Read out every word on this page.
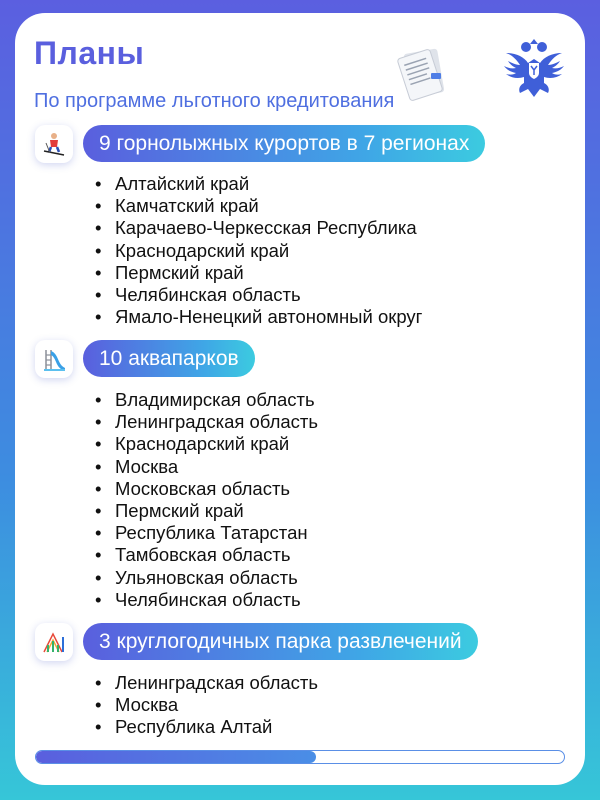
Планы
По программе льготного кредитования
9 горнолыжных курортов в 7 регионах
• Алтайский край
• Камчатский край
• Карачаево-Черкесская Республика
• Краснодарский край
• Пермский край
• Челябинская область
• Ямало-Ненецкий автономный округ
10 аквапарков
• Владимирская область
• Ленинградская область
• Краснодарский край
• Москва
• Московская область
• Пермский край
• Республика Татарстан
• Тамбовская область
• Ульяновская область
• Челябинская область
3 круглогодичных парка развлечений
• Ленинградская область
• Москва
• Республика Алтай
